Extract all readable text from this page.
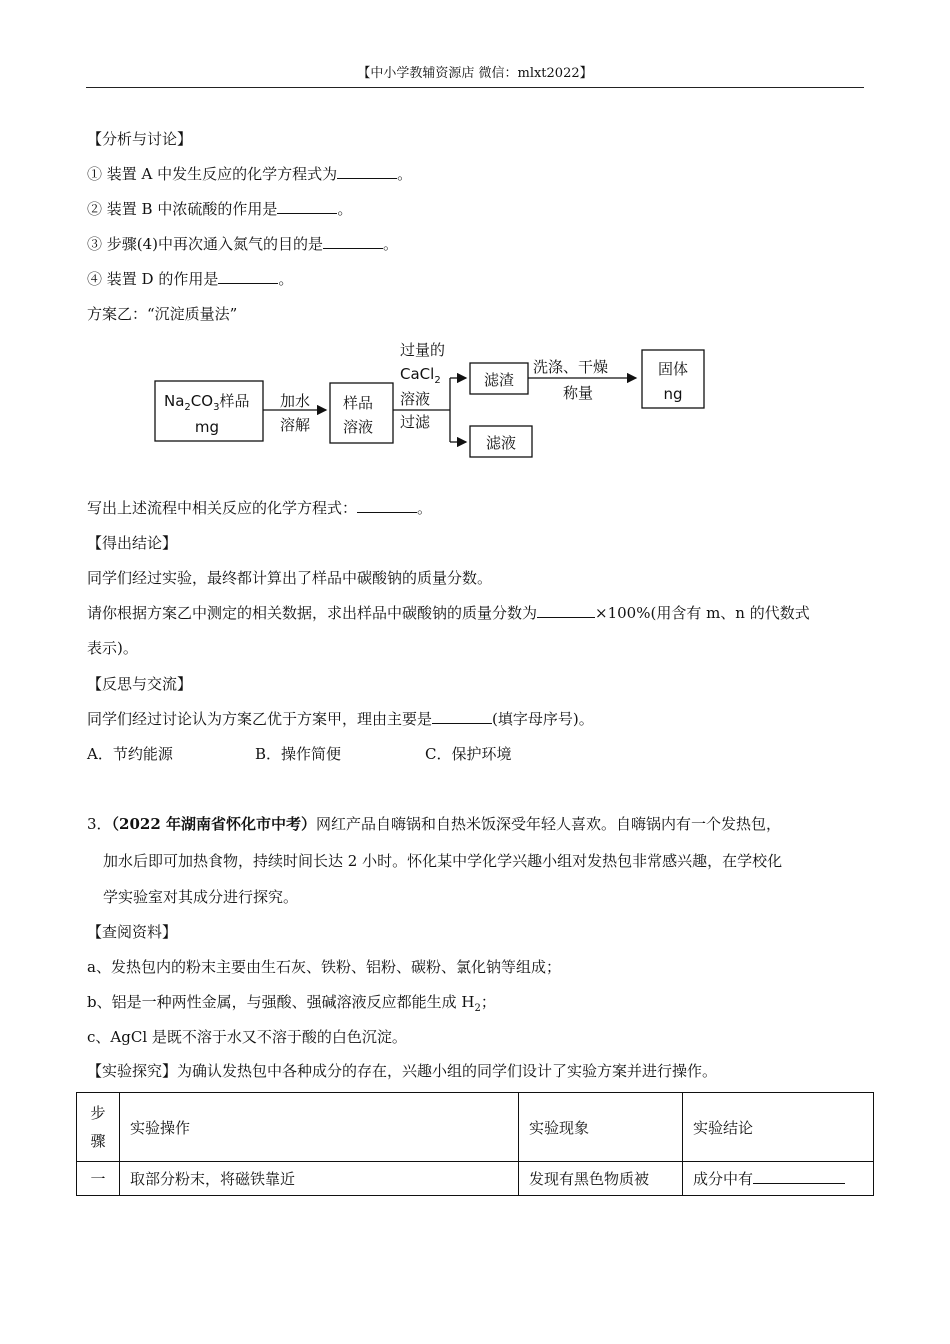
【中小学教辅资源店 微信：mlxt2022】
【分析与讨论】
① 装置 A 中发生反应的化学方程式为	。
② 装置 B 中浓硫酸的作用是	。
③ 步骤(4)中再次通入氮气的目的是	。
④ 装置 D 的作用是	。
方案乙：“沉淀质量法”
$Na_2CO_3$样品
mg
加水
溶解
样品
溶液
过量的
CaCl$_2$
溶液
过滤
滤渣
滤液
洗涤、干燥
称量
固体
ng
写出上述流程中相关反应的化学方程式：	。
【得出结论】
同学们经过实验，最终都计算出了样品中碳酸钠的质量分数。
请你根据方案乙中测定的相关数据，求出样品中碳酸钠的质量分数为	×100%(用含有 m、n 的代数式
表示)。
【反思与交流】
同学们经过讨论认为方案乙优于方案甲，理由主要是	(填字母序号)。
A．节约能源	B．操作简便	C．保护环境
3．（2022 年湖南省怀化市中考）网红产品自嗨锅和自热米饭深受年轻人喜欢。自嗨锅内有一个发热包，
加水后即可加热食物，持续时间长达 2 小时。怀化某中学化学兴趣小组对发热包非常感兴趣，在学校化
学实验室对其成分进行探究。
【查阅资料】
a、发热包内的粉末主要由生石灰、铁粉、铝粉、碳粉、氯化钠等组成；
b、铝是一种两性金属，与强酸、强碱溶液反应都能生成 $H_2$；
c、AgCl 是既不溶于水又不溶于酸的白色沉淀。
【实验探究】为确认发热包中各种成分的存在，兴趣小组的同学们设计了实验方案并进行操作。
步
骤	实验操作	实验现象	实验结论
一	取部分粉末，将磁铁靠近	发现有黑色物质被	成分中有
